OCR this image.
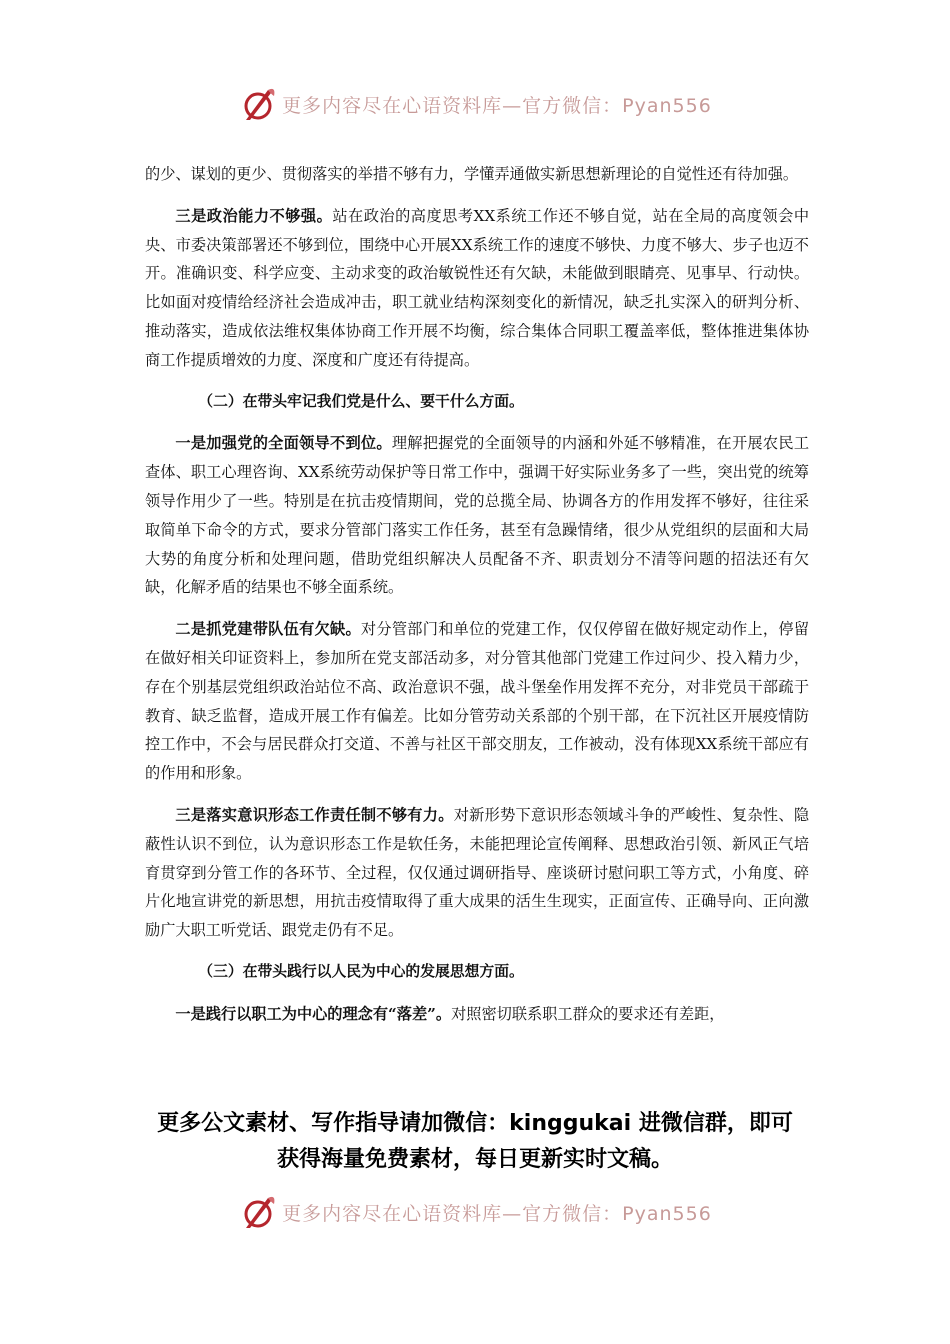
更多内容尽在心语资料库—官方微信：Pyan556

的少、谋划的更少、贯彻落实的举措不够有力，学懂弄通做实新思想新理论的自觉性还有待加强。

三是政治能力不够强。站在政治的高度思考XX系统工作还不够自觉，站在全局的高度领会中央、市委决策部署还不够到位，围绕中心开展XX系统工作的速度不够快、力度不够大、步子也迈不开。准确识变、科学应变、主动求变的政治敏锐性还有欠缺，未能做到眼睛亮、见事早、行动快。比如面对疫情给经济社会造成冲击，职工就业结构深刻变化的新情况，缺乏扎实深入的研判分析、推动落实，造成依法维权集体协商工作开展不均衡，综合集体合同职工覆盖率低，整体推进集体协商工作提质增效的力度、深度和广度还有待提高。

（二）在带头牢记我们党是什么、要干什么方面。

一是加强党的全面领导不到位。理解把握党的全面领导的内涵和外延不够精准，在开展农民工查体、职工心理咨询、XX系统劳动保护等日常工作中，强调干好实际业务多了一些，突出党的统筹领导作用少了一些。特别是在抗击疫情期间，党的总揽全局、协调各方的作用发挥不够好，往往采取简单下命令的方式，要求分管部门落实工作任务，甚至有急躁情绪，很少从党组织的层面和大局大势的角度分析和处理问题，借助党组织解决人员配备不齐、职责划分不清等问题的招法还有欠缺，化解矛盾的结果也不够全面系统。

二是抓党建带队伍有欠缺。对分管部门和单位的党建工作，仅仅停留在做好规定动作上，停留在做好相关印证资料上，参加所在党支部活动多，对分管其他部门党建工作过问少、投入精力少，存在个别基层党组织政治站位不高、政治意识不强，战斗堡垒作用发挥不充分，对非党员干部疏于教育、缺乏监督，造成开展工作有偏差。比如分管劳动关系部的个别干部，在下沉社区开展疫情防控工作中，不会与居民群众打交道、不善与社区干部交朋友，工作被动，没有体现XX系统干部应有的作用和形象。

三是落实意识形态工作责任制不够有力。对新形势下意识形态领域斗争的严峻性、复杂性、隐蔽性认识不到位，认为意识形态工作是软任务，未能把理论宣传阐释、思想政治引领、新风正气培育贯穿到分管工作的各环节、全过程，仅仅通过调研指导、座谈研讨慰问职工等方式，小角度、碎片化地宣讲党的新思想，用抗击疫情取得了重大成果的活生生现实，正面宣传、正确导向、正向激励广大职工听党话、跟党走仍有不足。

（三）在带头践行以人民为中心的发展思想方面。

一是践行以职工为中心的理念有“落差”。对照密切联系职工群众的要求还有差距，

更多公文素材、写作指导请加微信：kinggukai 进微信群，即可
获得海量免费素材，每日更新实时文稿。
更多内容尽在心语资料库—官方微信：Pyan556
